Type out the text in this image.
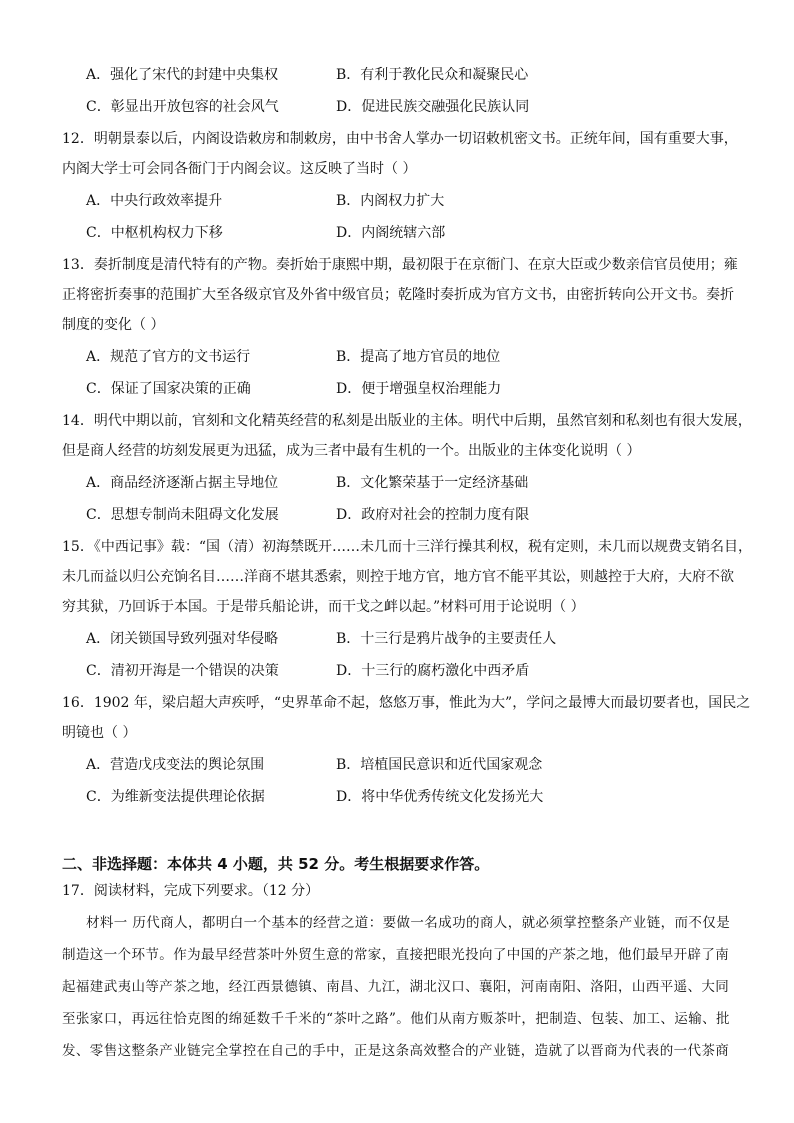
A．强化了宋代的封建中央集权	B．有利于教化民众和凝聚民心
C．彰显出开放包容的社会风气	D．促进民族交融强化民族认同
12．明朝景泰以后，内阁设诰敕房和制敕房，由中书舍人掌办一切诏敕机密文书。正统年间，国有重要大事，
内阁大学士可会同各衙门于内阁会议。这反映了当时（ ）
A．中央行政效率提升	B．内阁权力扩大
C．中枢机构权力下移	D．内阁统辖六部
13．奏折制度是清代特有的产物。奏折始于康熙中期，最初限于在京衙门、在京大臣或少数亲信官员使用；雍
正将密折奏事的范围扩大至各级京官及外省中级官员；乾隆时奏折成为官方文书，由密折转向公开文书。奏折
制度的变化（ ）
A．规范了官方的文书运行	B．提高了地方官员的地位
C．保证了国家决策的正确	D．便于增强皇权治理能力
14．明代中期以前，官刻和文化精英经营的私刻是出版业的主体。明代中后期，虽然官刻和私刻也有很大发展，
但是商人经营的坊刻发展更为迅猛，成为三者中最有生机的一个。出版业的主体变化说明（ ）
A．商品经济逐渐占据主导地位	B．文化繁荣基于一定经济基础
C．思想专制尚未阻碍文化发展	D．政府对社会的控制力度有限
15．《中西记事》载：“国（清）初海禁既开……未几而十三洋行操其利权，税有定则，未几而以规费支销名目，
未几而益以归公充饷名目……洋商不堪其悉索，则控于地方官，地方官不能平其讼，则越控于大府，大府不欲
穷其狱，乃回诉于本国。于是带兵船论讲，而干戈之衅以起。”材料可用于论说明（ ）
A．闭关锁国导致列强对华侵略	B．十三行是鸦片战争的主要责任人
C．清初开海是一个错误的决策	D．十三行的腐朽激化中西矛盾
16．1902 年，梁启超大声疾呼，“史界革命不起，悠悠万事，惟此为大”，学问之最博大而最切要者也，国民之
明镜也（ ）
A．营造戊戌变法的舆论氛围	B．培植国民意识和近代国家观念
C．为维新变法提供理论依据	D．将中华优秀传统文化发扬光大
二、非选择题：本体共 4 小题，共 52 分。考生根据要求作答。
17．阅读材料，完成下列要求。（12 分）
材料一 历代商人，都明白一个基本的经营之道：要做一名成功的商人，就必须掌控整条产业链，而不仅是
制造这一个环节。作为最早经营茶叶外贸生意的常家，直接把眼光投向了中国的产茶之地，他们最早开辟了南
起福建武夷山等产茶之地，经江西景德镇、南昌、九江，湖北汉口、襄阳，河南南阳、洛阳，山西平遥、大同
至张家口，再远往恰克图的绵延数千千米的“茶叶之路”。他们从南方贩茶叶，把制造、包装、加工、运输、批
发、零售这整条产业链完全掌控在自己的手中，正是这条高效整合的产业链，造就了以晋商为代表的一代茶商
